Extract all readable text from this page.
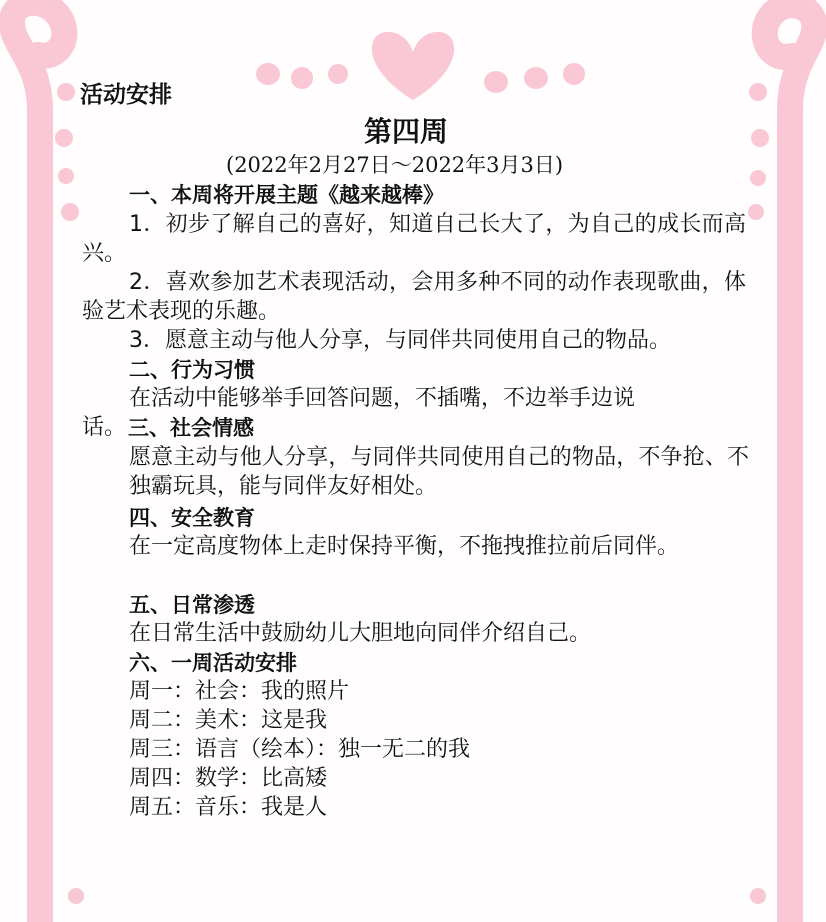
活动安排
第四周
(2022年2月27日～2022年3月3日)
一、本周将开展主题《越来越棒》
1．初步了解自己的喜好，知道自己长大了，为自己的成长而高兴。
2．喜欢参加艺术表现活动，会用多种不同的动作表现歌曲，体验艺术表现的乐趣。
3．愿意主动与他人分享，与同伴共同使用自己的物品。
二、行为习惯
在活动中能够举手回答问题，不插嘴，不边举手边说
话。 三、社会情感
愿意主动与他人分享，与同伴共同使用自己的物品，不争抢、不独霸玩具，能与同伴友好相处。
四、安全教育
在一定高度物体上走时保持平衡，不拖拽推拉前后同伴。
五、日常渗透
在日常生活中鼓励幼儿大胆地向同伴介绍自己。
六、一周活动安排
周一：社会：我的照片
周二：美术：这是我
周三：语言（绘本）：独一无二的我
周四：数学：比高矮
周五：音乐：我是人
